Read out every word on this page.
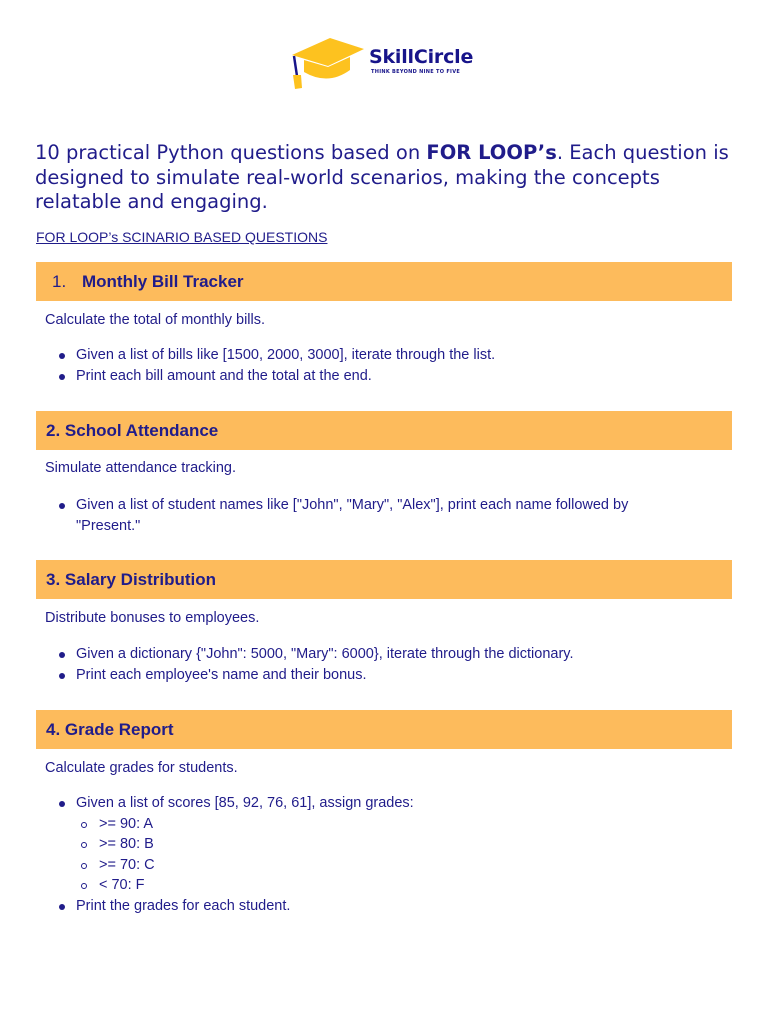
SkillCircle
THINK BEYOND NINE TO FIVE

10 practical Python questions based on FOR LOOP’s. Each question is designed to simulate real-world scenarios, making the concepts relatable and engaging.

FOR LOOP’s SCINARIO BASED QUESTIONS
1. Monthly Bill Tracker
Calculate the total of monthly bills.
Given a list of bills like [1500, 2000, 3000], iterate through the list.
Print each bill amount and the total at the end.
2. School Attendance
Simulate attendance tracking.
Given a list of student names like ["John", "Mary", "Alex"], print each name followed by "Present."
3. Salary Distribution
Distribute bonuses to employees.
Given a dictionary {"John": 5000, "Mary": 6000}, iterate through the dictionary.
Print each employee's name and their bonus.
4. Grade Report
Calculate grades for students.
Given a list of scores [85, 92, 76, 61], assign grades:
>= 90: A
>= 80: B
>= 70: C
< 70: F
Print the grades for each student.
